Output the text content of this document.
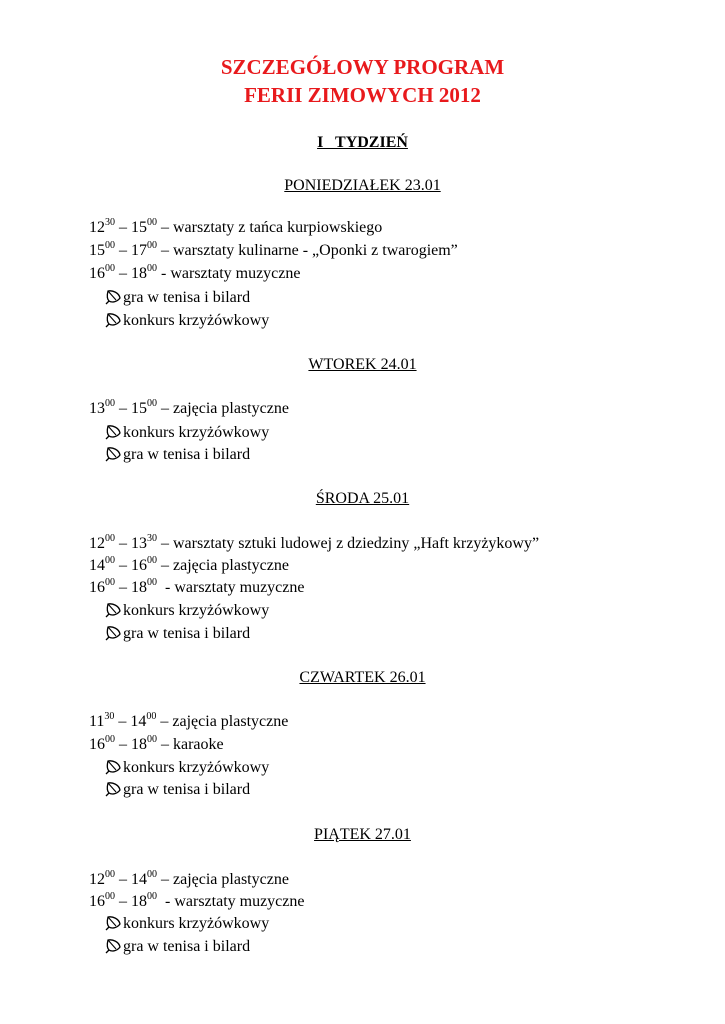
SZCZEGÓŁOWY PROGRAM
FERII ZIMOWYCH 2012
I   TYDZIEŃ
PONIEDZIAŁEK 23.01
$12^{30} - 15^{00}$ – warsztaty z tańca kurpiowskiego
$15^{00} - 17^{00}$ – warsztaty kulinarne - „Oponki z twarogiem”
$16^{00} - 18^{00}$ - warsztaty muzyczne
gra w tenisa i bilard
konkurs krzyżówkowy
WTOREK 24.01
$13^{00} - 15^{00}$ – zajęcia plastyczne
konkurs krzyżówkowy
gra w tenisa i bilard
ŚRODA 25.01
$12^{00} - 13^{30}$ – warsztaty sztuki ludowej z dziedziny „Haft krzyżykowy”
$14^{00} - 16^{00}$ – zajęcia plastyczne
$16^{00} - 18^{00}$  - warsztaty muzyczne
konkurs krzyżówkowy
gra w tenisa i bilard
CZWARTEK 26.01
$11^{30} - 14^{00}$ – zajęcia plastyczne
$16^{00} - 18^{00}$ – karaoke
konkurs krzyżówkowy
gra w tenisa i bilard
PIĄTEK 27.01
$12^{00} - 14^{00}$ – zajęcia plastyczne
$16^{00} - 18^{00}$  - warsztaty muzyczne
konkurs krzyżówkowy
gra w tenisa i bilard
